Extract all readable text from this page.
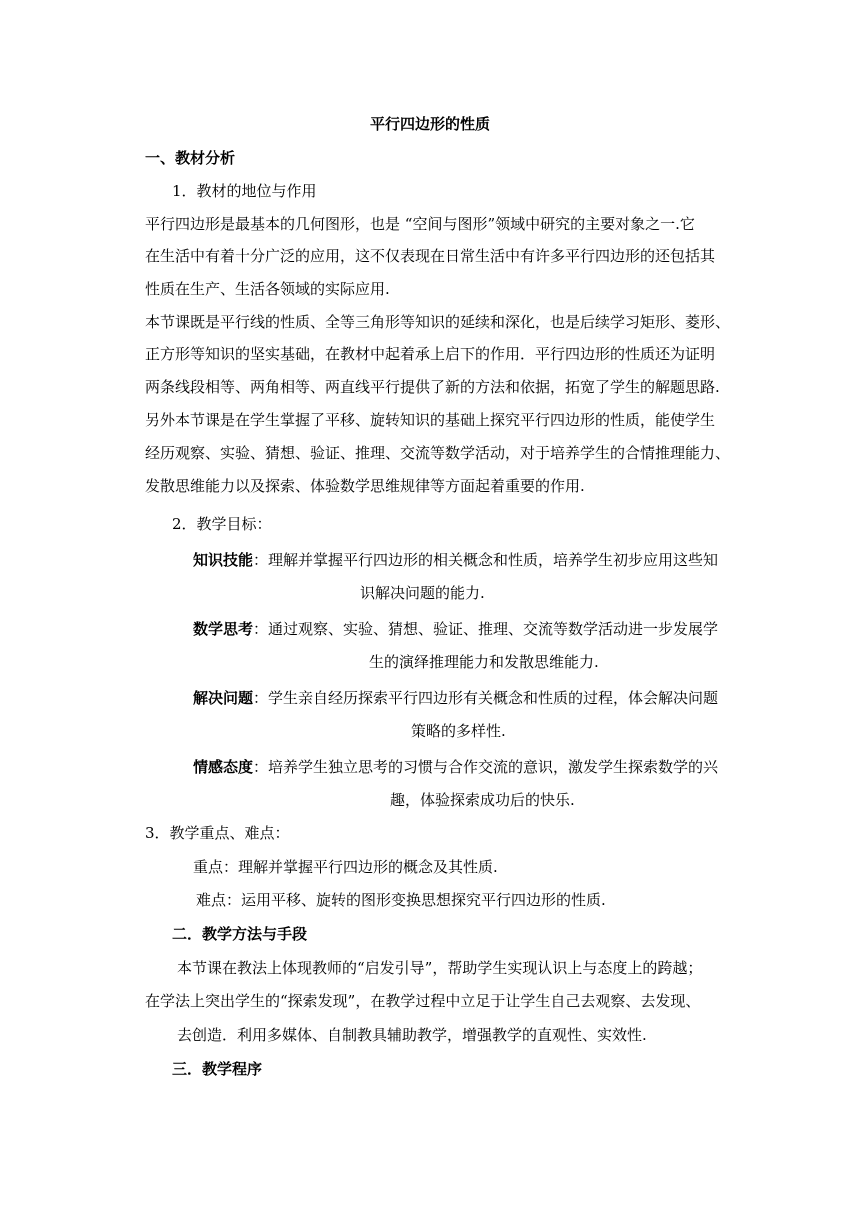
平行四边形的性质
一、教材分析
1．教材的地位与作用
平行四边形是最基本的几何图形，也是 “空间与图形”领域中研究的主要对象之一.它
在生活中有着十分广泛的应用，这不仅表现在日常生活中有许多平行四边形的还包括其
性质在生产、生活各领域的实际应用.
本节课既是平行线的性质、全等三角形等知识的延续和深化，也是后续学习矩形、菱形、
正方形等知识的坚实基础，在教材中起着承上启下的作用．平行四边形的性质还为证明
两条线段相等、两角相等、两直线平行提供了新的方法和依据，拓宽了学生的解题思路.
另外本节课是在学生掌握了平移、旋转知识的基础上探究平行四边形的性质，能使学生
经历观察、实验、猜想、验证、推理、交流等数学活动，对于培养学生的合情推理能力、
发散思维能力以及探索、体验数学思维规律等方面起着重要的作用.
2．教学目标：
知识技能：理解并掌握平行四边形的相关概念和性质，培养学生初步应用这些知
识解决问题的能力.
数学思考：通过观察、实验、猜想、验证、推理、交流等数学活动进一步发展学
生的演绎推理能力和发散思维能力.
解决问题：学生亲自经历探索平行四边形有关概念和性质的过程，体会解决问题
策略的多样性.
情感态度：培养学生独立思考的习惯与合作交流的意识，激发学生探索数学的兴
趣，体验探索成功后的快乐.
3．教学重点、难点：
重点：理解并掌握平行四边形的概念及其性质.
难点：运用平移、旋转的图形变换思想探究平行四边形的性质.
二．教学方法与手段
本节课在教法上体现教师的“启发引导”，帮助学生实现认识上与态度上的跨越；
在学法上突出学生的“探索发现”，在教学过程中立足于让学生自己去观察、去发现、
去创造．利用多媒体、自制教具辅助教学，增强教学的直观性、实效性.
三．教学程序
